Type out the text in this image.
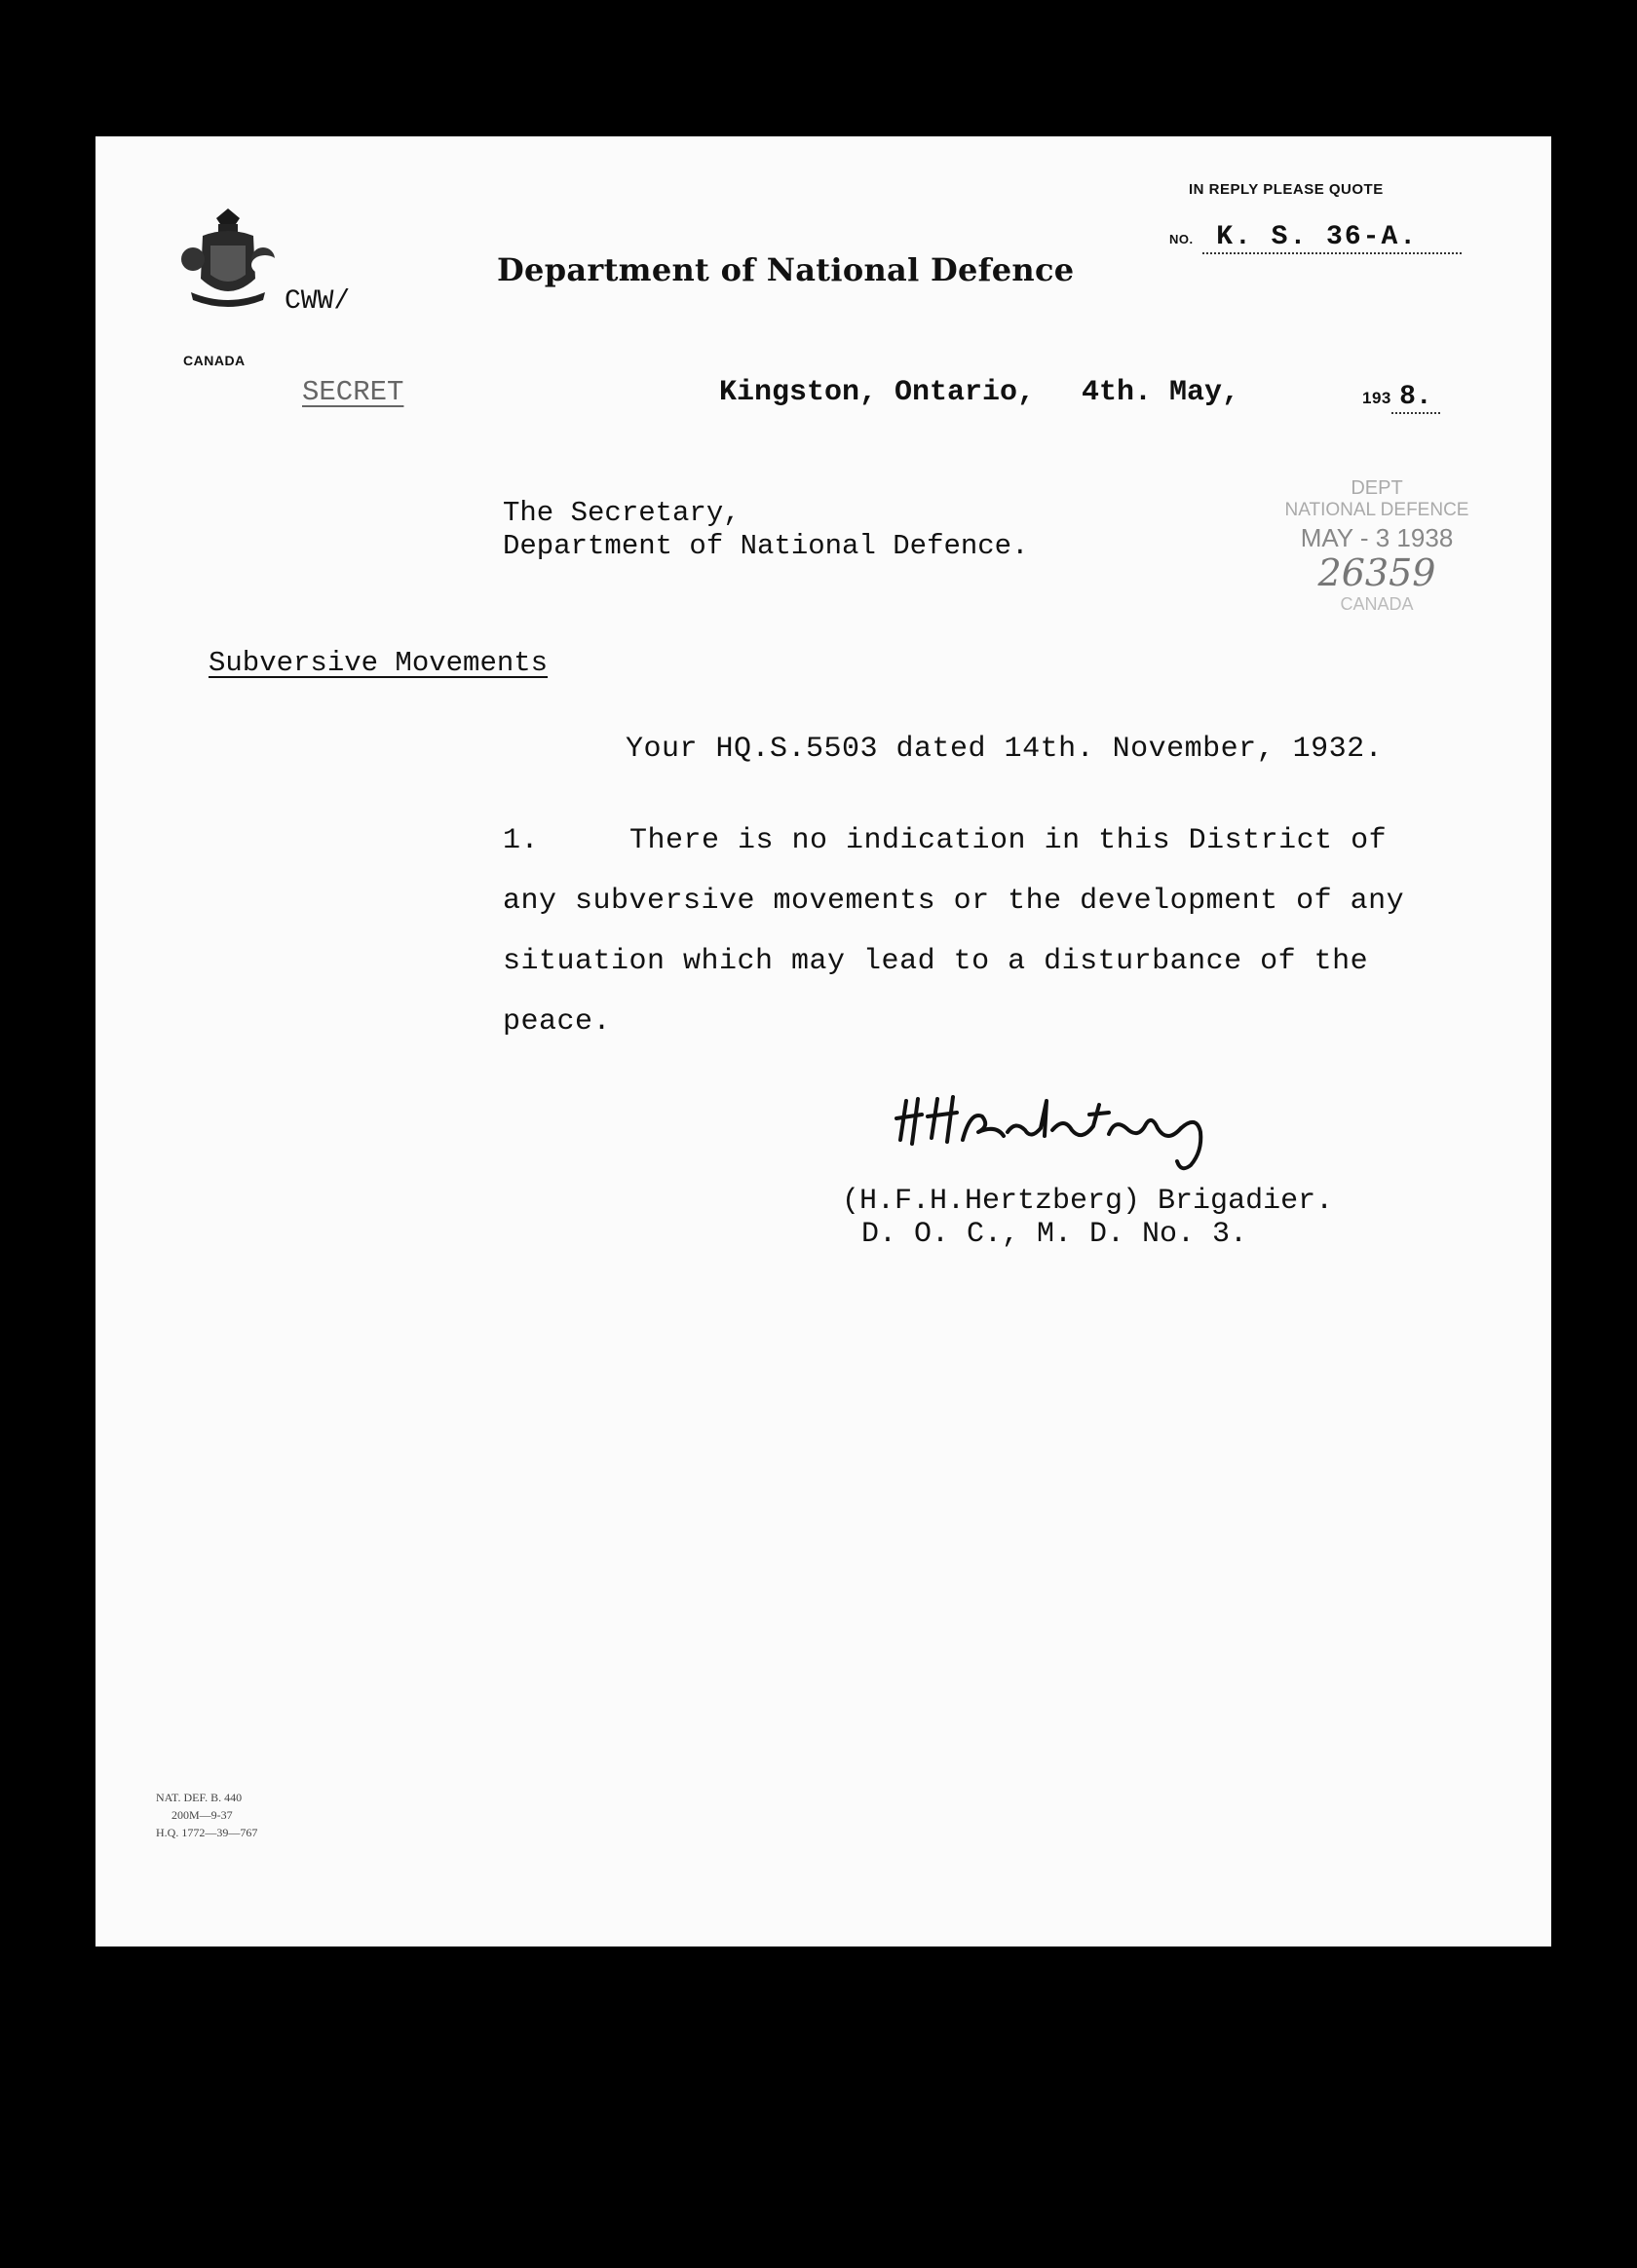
IN REPLY PLEASE QUOTE
NO. K. S. 36-A.
CANADA
CWW/
Department of National Defence
SECRET	Kingston, Ontario, 4th. May,	193 8.
The Secretary,
Department of National Defence.
DEPT
NATIONAL DEFENCE
MAY - 3 1938
26359
CANADA
Subversive Movements
Your HQ.S.5503 dated 14th. November, 1932.
1.	There is no indication in this District of
any subversive movements or the development of any
situation which may lead to a disturbance of the
peace.
(H.F.H.Hertzberg) Brigadier.
D. O. C., M. D. No. 3.
NAT. DEF. B. 440
200M—9-37
H.Q. 1772—39—767
